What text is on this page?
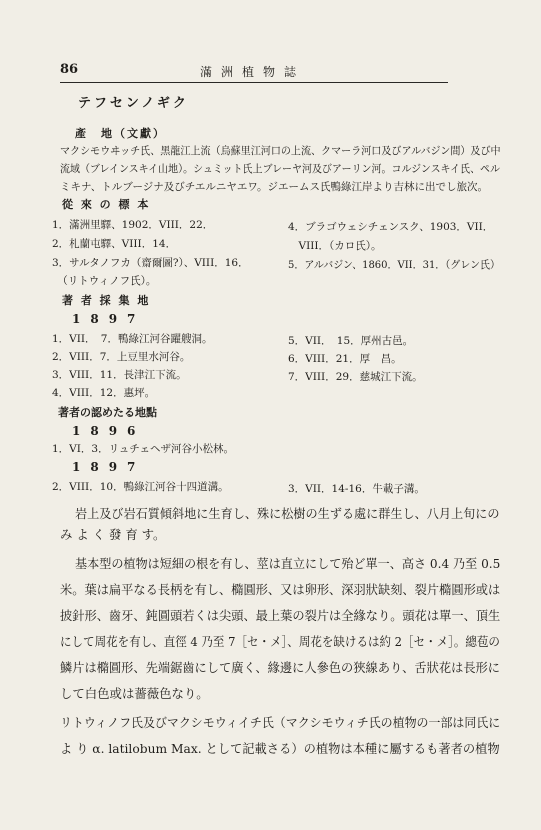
86	滿洲植物誌
テフセンノギク
產　地（文獻）
マクシモウヰッチ氏、黑龍江上流（烏蘇里江河口の上流、クマーラ河口及びアルバジン間）及び中
流域（ブレインスキイ山地）。シュミット氏上ブレーヤ河及びアーリン河。コルジンスキイ氏、ペル
ミキナ、トルブージナ及びチエルニヤエワ。ジエームス氏鴨綠江岸より吉林に出でし旅次。
從 來 の 標 本
1．滿洲里驛、1902．VIII．22．
2．札蘭屯驛、VIII．14．
3．サルタノフカ（齋爾圖?）、VIII．16．
　（リトウィノフ氏）。
4．ブラゴウェシチェンスク、1903．VII．
　VIII．（カロ氏）。
5．アルバジン、1860．VII．31．（グレン氏）
著 者 採 集 地
1897
1．VII．　7．鴨綠江河谷躍艘洞。
2．VIII．7．上豆里水河谷。
3．VIII．11．長津江下流。
4．VIII．12．惠坪。
5．VII．　15．厚州古邑。
6．VIII．21．厚　昌。
7．VIII．29．慈城江下流。
著者の認めたる地點
1896
1．VI．3．リュチェヘザ河谷小松林。
1897
2．VIII．10．鴨綠江河谷十四道溝。	3．VII．14-16．牛載子溝。
岩上及び岩石質傾斜地に生育し、殊に松樹の生ずる處に群生し、八月上旬にの
み よ く 發 育 す。
基本型の植物は短細の根を有し、莖は直立にして殆ど單一、高さ 0.4 乃至 0.5
米。葉は扁平なる長柄を有し、橢圓形、又は卵形、深羽狀缺刻、裂片橢圓形或は
披針形、齒牙、鈍圓頭若くは尖頭、最上葉の裂片は全緣なり。頭花は單一、頂生
にして周花を有し、直徑 4 乃至 7［セ・メ］、周花を缺けるは約 2［セ・メ］。總苞の
鱗片は橢圓形、先端鋸齒にして廣く、緣邊に人參色の狹線あり、舌狀花は長形に
して白色或は薔薇色なり。
リトウィノフ氏及びマクシモウィイチ氏（マクシモウィチ氏の植物の一部は同氏に
よ り α. latilobum Max. として記載さる）の植物は本種に屬するも著者の植物
